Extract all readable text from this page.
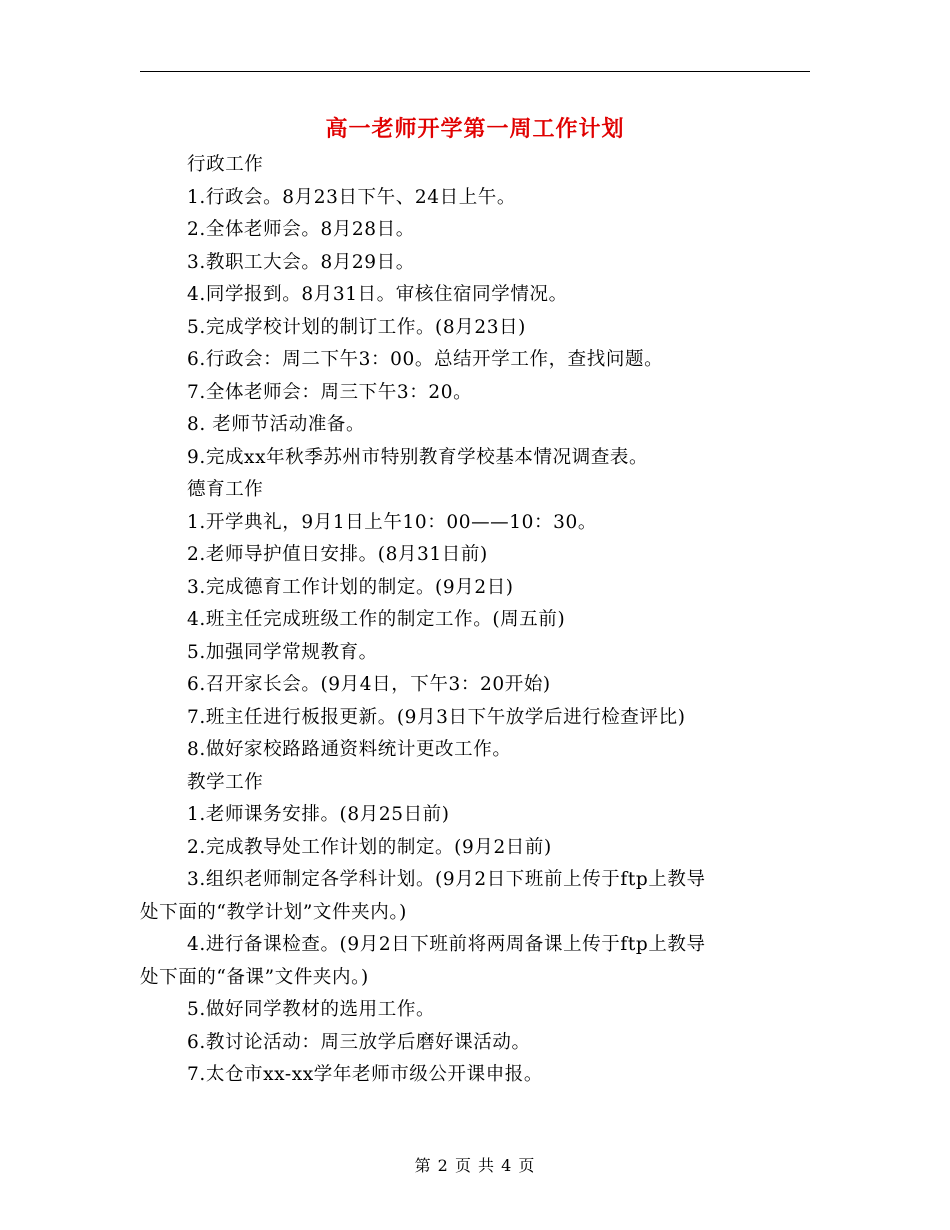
高一老师开学第一周工作计划
行政工作
1.行政会。8月23日下午、24日上午。
2.全体老师会。8月28日。
3.教职工大会。8月29日。
4.同学报到。8月31日。审核住宿同学情况。
5.完成学校计划的制订工作。(8月23日)
6.行政会：周二下午3：00。总结开学工作，查找问题。
7.全体老师会：周三下午3：20。
8. 老师节活动准备。
9.完成xx年秋季苏州市特别教育学校基本情况调查表。
德育工作
1.开学典礼，9月1日上午10：00——10：30。
2.老师导护值日安排。(8月31日前)
3.完成德育工作计划的制定。(9月2日)
4.班主任完成班级工作的制定工作。(周五前)
5.加强同学常规教育。
6.召开家长会。(9月4日，下午3：20开始)
7.班主任进行板报更新。(9月3日下午放学后进行检查评比)
8.做好家校路路通资料统计更改工作。
教学工作
1.老师课务安排。(8月25日前)
2.完成教导处工作计划的制定。(9月2日前)
3.组织老师制定各学科计划。(9月2日下班前上传于ftp上教导
处下面的“教学计划”文件夹内。)
4.进行备课检查。(9月2日下班前将两周备课上传于ftp上教导
处下面的“备课”文件夹内。)
5.做好同学教材的选用工作。
6.教讨论活动：周三放学后磨好课活动。
7.太仓市xx-xx学年老师市级公开课申报。
第 2 页 共 4 页
